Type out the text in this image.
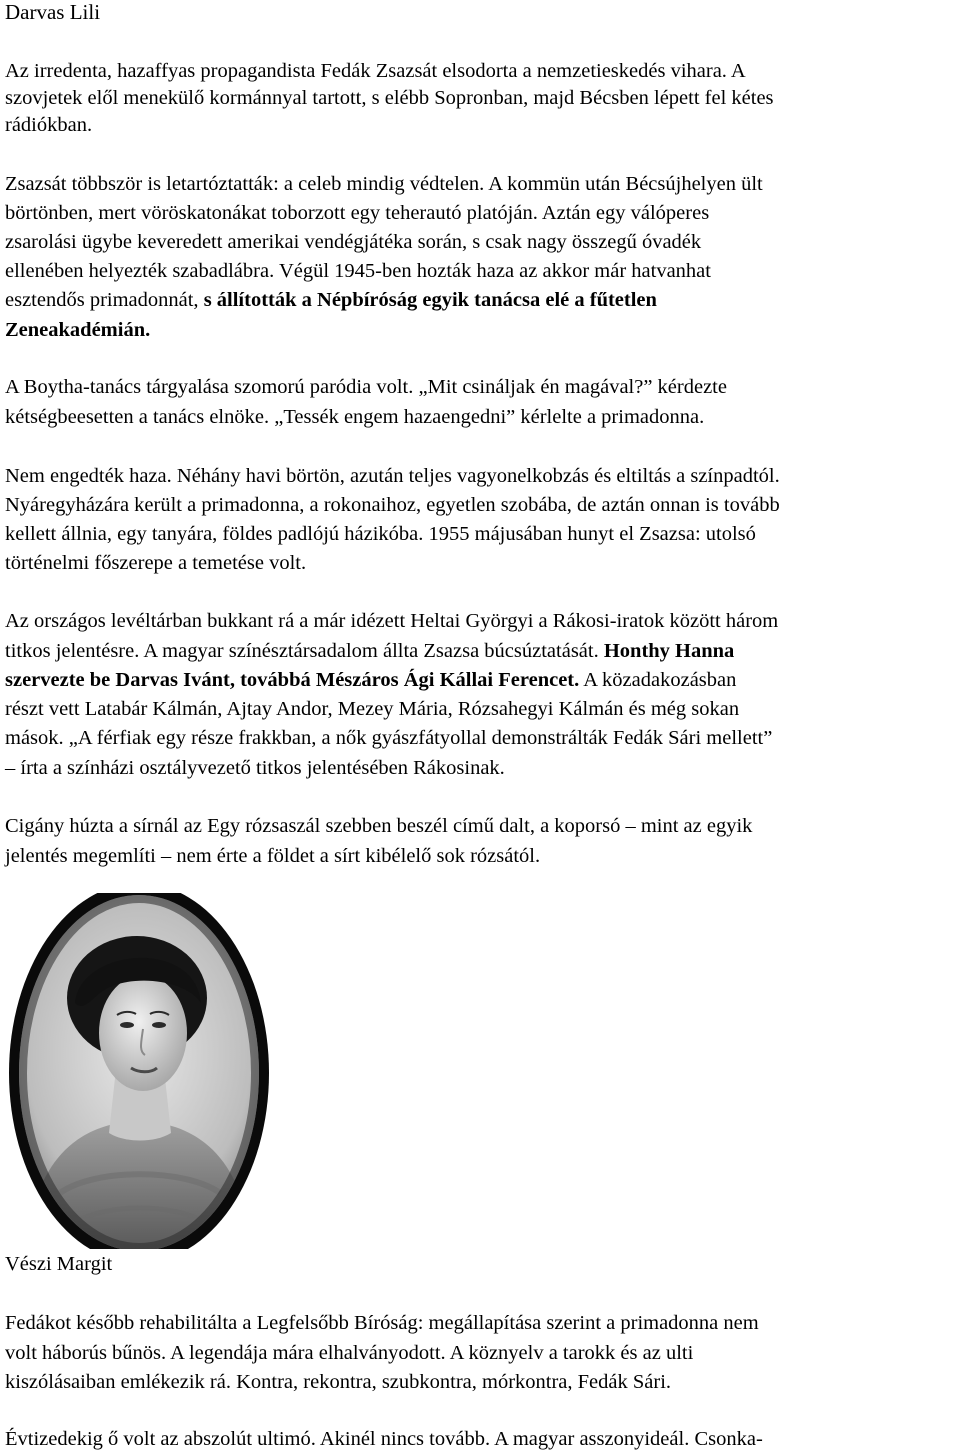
Darvas Lili
Az irredenta, hazaffyas propagandista Fedák Zsazsát elsodorta a nemzetieskedés vihara. A
szovjetek elől menekülő kormánnyal tartott, s elébb Sopronban, majd Bécsben lépett fel kétes
rádiókban.
Zsazsát többször is letartóztatták: a celeb mindig védtelen. A kommün után Bécsújhelyen ült
börtönben, mert vöröskatonákat toborzott egy teherautó platóján. Aztán egy válóperes
zsarolási ügybe keveredett amerikai vendégjátéka során, s csak nagy összegű óvadék
ellenében helyezték szabadlábra. Végül 1945-ben hozták haza az akkor már hatvanhat
esztendős primadonnát, s állították a Népbíróság egyik tanácsa elé a fűtetlen
Zeneakadémián.
A Boytha-tanács tárgyalása szomorú paródia volt. „Mit csináljak én magával?” kérdezte
kétségbeesetten a tanács elnöke. „Tessék engem hazaengedni” kérlelte a primadonna.
Nem engedték haza. Néhány havi börtön, azután teljes vagyonelkobzás és eltiltás a színpadtól.
Nyáregyházára került a primadonna, a rokonaihoz, egyetlen szobába, de aztán onnan is tovább
kellett állnia, egy tanyára, földes padlójú házikóba. 1955 májusában hunyt el Zsazsa: utolsó
történelmi főszerepe a temetése volt.
Az országos levéltárban bukkant rá a már idézett Heltai Györgyi a Rákosi-iratok között három
titkos jelentésre. A magyar színésztársadalom állta Zsazsa búcsúztatását. Honthy Hanna
szervezte be Darvas Ivánt, továbbá Mészáros Ági Kállai Ferencet. A közadakozásban
részt vett Latabár Kálmán, Ajtay Andor, Mezey Mária, Rózsahegyi Kálmán és még sokan
mások. „A férfiak egy része frakkban, a nők gyászfátyollal demonstrálták Fedák Sári mellett”
– írta a színházi osztályvezető titkos jelentésében Rákosinak.
Cigány húzta a sírnál az Egy rózsaszál szebben beszél című dalt, a koporsó – mint az egyik
jelentés megemlíti – nem érte a földet a sírt kibélelő sok rózsától.
Vészi Margit
Fedákot később rehabilitálta a Legfelsőbb Bíróság: megállapítása szerint a primadonna nem
volt háborús bűnös. A legendája mára elhalványodott. A köznyelv a tarokk és az ulti
kiszólásaiban emlékezik rá. Kontra, rekontra, szubkontra, mórkontra, Fedák Sári.
Évtizedekig ő volt az abszolút ultimó. Akinél nincs tovább. A magyar asszonyideál. Csonka-
